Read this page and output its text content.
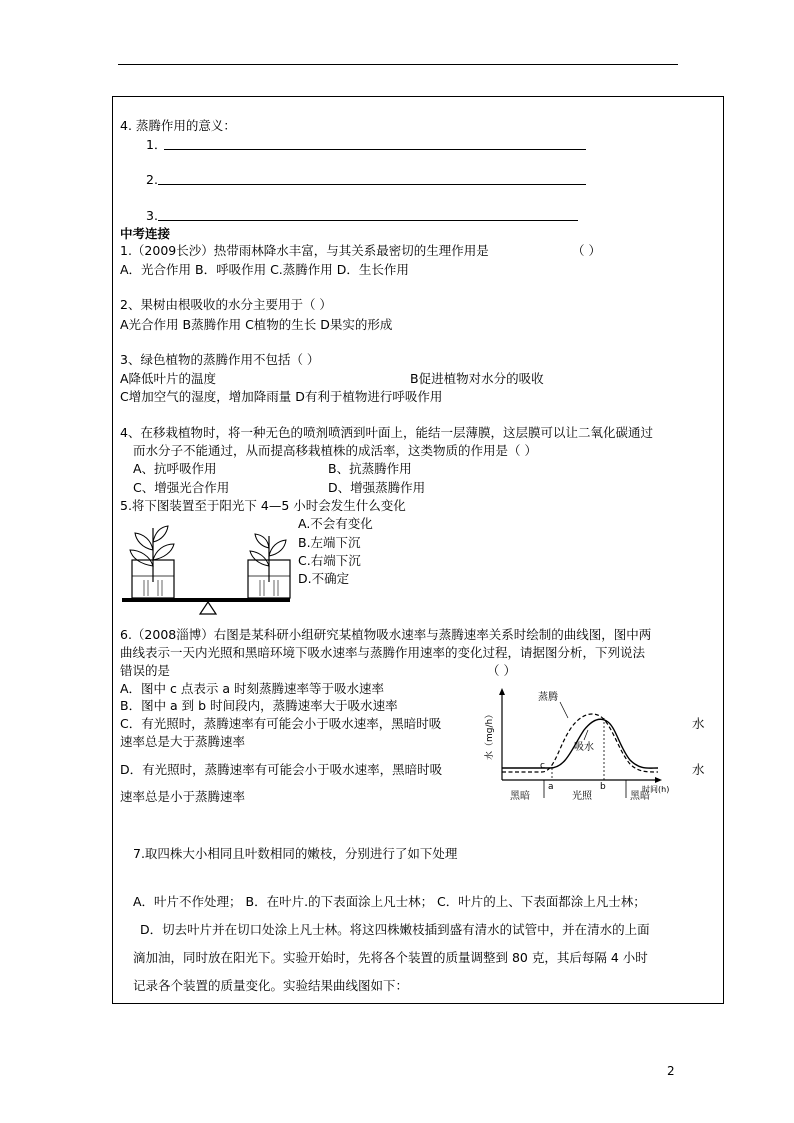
4. 蒸腾作用的意义：
1．
2.
3.
中考连接
1.（2009长沙）热带雨林降水丰富，与其关系最密切的生理作用是	（ ）
A．光合作用 B．呼吸作用 C.蒸腾作用 D．生长作用
2、果树由根吸收的水分主要用于（ ）
A光合作用 B蒸腾作用 C植物的生长 D果实的形成
3、绿色植物的蒸腾作用不包括（ ）
A降低叶片的温度	B促进植物对水分的吸收
C增加空气的湿度，增加降雨量 D有利于植物进行呼吸作用
4、在移栽植物时，将一种无色的喷剂喷洒到叶面上，能结一层薄膜，这层膜可以让二氧化碳通过
而水分子不能通过，从而提高移栽植株的成活率，这类物质的作用是（ ）
A、抗呼吸作用	B、抗蒸腾作用
C、增强光合作用	D、增强蒸腾作用
5.将下图装置至于阳光下 4—5 小时会发生什么变化
A.不会有变化
B.左端下沉
C.右端下沉
D.不确定
6.（2008淄博）右图是某科研小组研究某植物吸水速率与蒸腾速率关系时绘制的曲线图，图中两
曲线表示一天内光照和黑暗环境下吸水速率与蒸腾作用速率的变化过程，请据图分析，下列说法
错误的是	（ ）
A．图中 c 点表示 a 时刻蒸腾速率等于吸水速率
B．图中 a 到 b 时间段内，蒸腾速率大于吸水速率
C．有光照时，蒸腾速率有可能会小于吸水速率，黑暗时吸	水
速率总是大于蒸腾速率
D．有光照时，蒸腾速率有可能会小于吸水速率，黑暗时吸	水
速率总是小于蒸腾速率
水（mg/h）
蒸腾
吸水
c
a	b
黑暗	光照	黑暗
时间(h)
7.取四株大小相同且叶数相同的嫩枝，分别进行了如下处理
A．叶片不作处理； B．在叶片.的下表面涂上凡士林； C．叶片的上、下表面都涂上凡士林；
D．切去叶片并在切口处涂上凡士林。将这四株嫩枝插到盛有清水的试管中，并在清水的上面
滴加油，同时放在阳光下。实验开始时，先将各个装置的质量调整到 80 克，其后每隔 4 小时
记录各个装置的质量变化。实验结果曲线图如下：
2
